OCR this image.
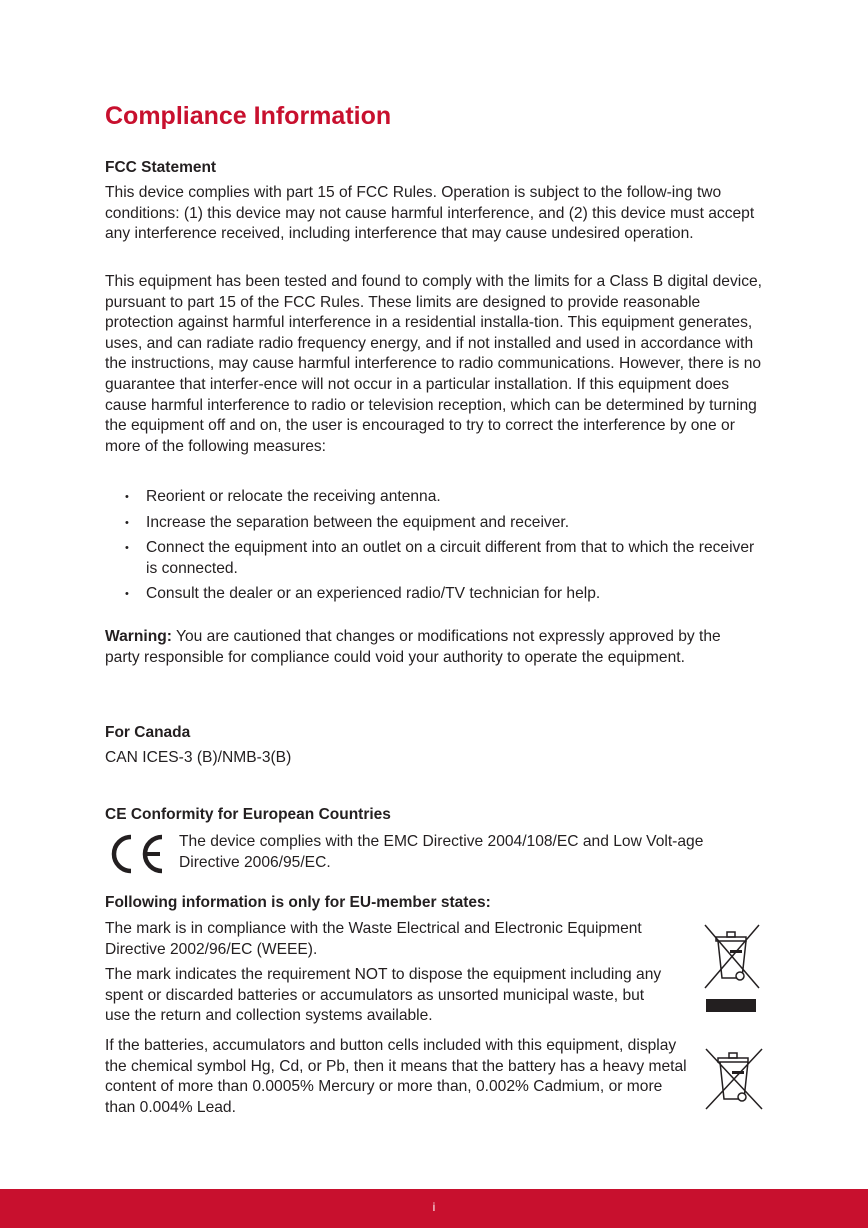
Compliance Information
FCC Statement

This device complies with part 15 of FCC Rules. Operation is subject to the follow-ing two conditions: (1) this device may not cause harmful interference, and (2) this device must accept any interference received, including interference that may cause undesired operation.

This equipment has been tested and found to comply with the limits for a Class B digital device, pursuant to part 15 of the FCC Rules. These limits are designed to provide reasonable protection against harmful interference in a residential installa-tion. This equipment generates, uses, and can radiate radio frequency energy, and if not installed and used in accordance with the instructions, may cause harmful interference to radio communications. However, there is no guarantee that interfer-ence will not occur in a particular installation. If this equipment does cause harmful interference to radio or television reception, which can be determined by turning the equipment off and on, the user is encouraged to try to correct the interference by one or more of the following measures:

• Reorient or relocate the receiving antenna.
• Increase the separation between the equipment and receiver.
• Connect the equipment into an outlet on a circuit different from that to which the receiver is connected.
• Consult the dealer or an experienced radio/TV technician for help.

Warning: You are cautioned that changes or modifications not expressly approved by the party responsible for compliance could void your authority to operate the equipment.

For Canada

CAN ICES-3 (B)/NMB-3(B)

CE Conformity for European Countries

The device complies with the EMC Directive 2004/108/EC and Low Volt-age Directive 2006/95/EC.

Following information is only for EU-member states:

The mark is in compliance with the Waste Electrical and Electronic Equipment Directive 2002/96/EC (WEEE).

The mark indicates the requirement NOT to dispose the equipment including any spent or discarded batteries or accumulators as unsorted municipal waste, but use the return and collection systems available.

If the batteries, accumulators and button cells included with this equipment, display the chemical symbol Hg, Cd, or Pb, then it means that the battery has a heavy metal content of more than 0.0005% Mercury or more than, 0.002% Cadmium, or more than 0.004% Lead.

i
